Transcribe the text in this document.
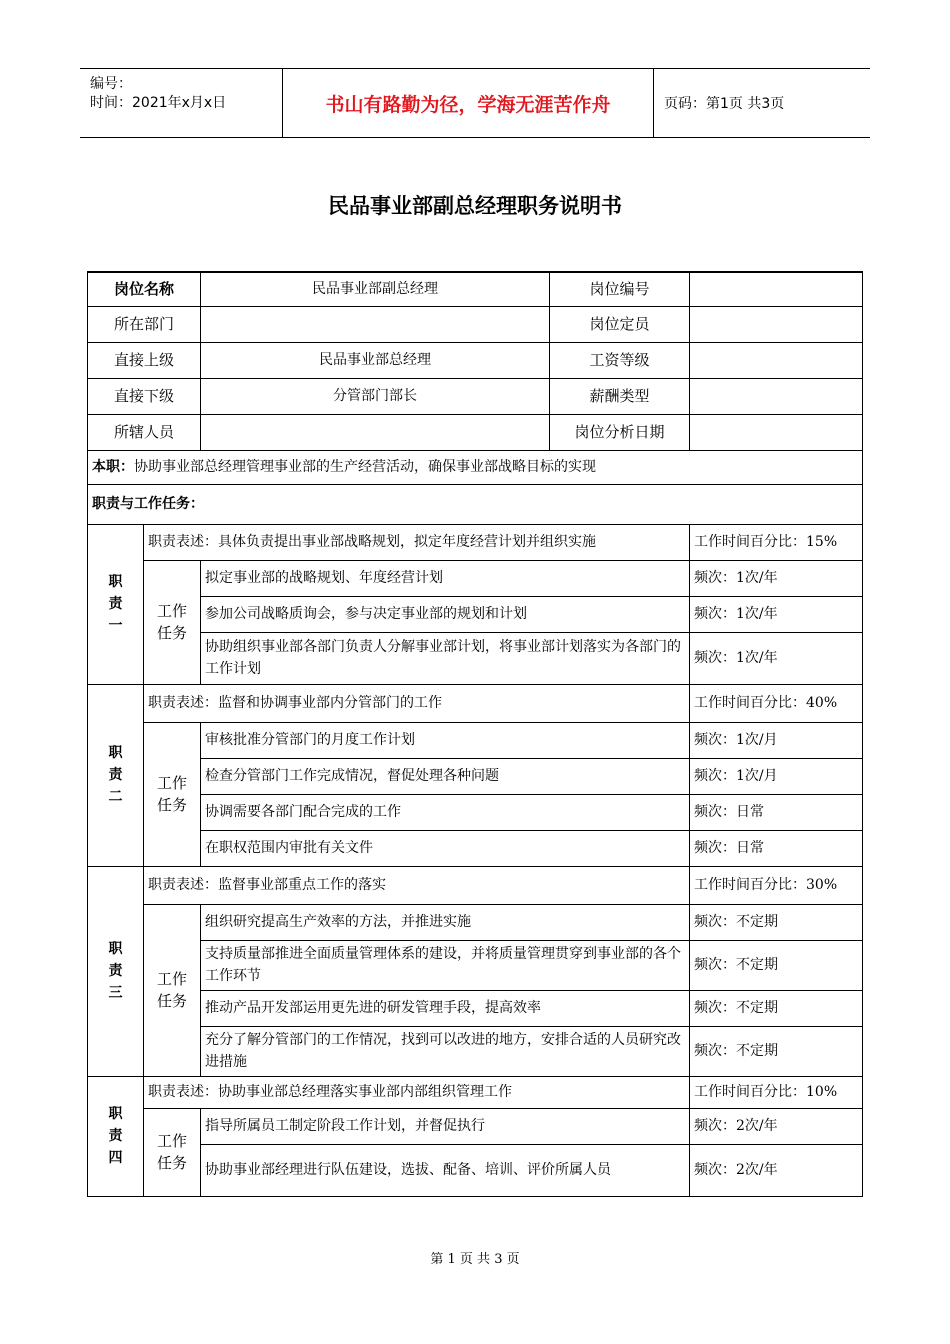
编号：
时间：2021年x月x日	书山有路勤为径，学海无涯苦作舟	页码：第1页 共3页
民品事业部副总经理职务说明书
岗位名称		民品事业部副总经理	岗位编号	
所在部门			岗位定员	
直接上级		民品事业部总经理	工资等级	
直接下级		分管部门部长	薪酬类型	
所辖人员			岗位分析日期	
本职：协助事业部总经理管理事业部的生产经营活动，确保事业部战略目标的实现				
职责与工作任务：				

职
责
一	职责表述：具体负责提出事业部战略规划，拟定年度经营计划并组织实施			工作时间百分比：15%

	工作
任务	拟定事业部的战略规划、年度经营计划		频次：1次/年
		参加公司战略质询会，参与决定事业部的规划和计划		频次：1次/年
		协助组织事业部各部门负责人分解事业部计划，将事业部计划落实为各部门的工作计划		频次：1次/年

职
责
二	职责表述：监督和协调事业部内分管部门的工作			工作时间百分比：40%

	工作
任务	审核批准分管部门的月度工作计划		频次：1次/月
		检查分管部门工作完成情况，督促处理各种问题		频次：1次/月
		协调需要各部门配合完成的工作		频次：日常
		在职权范围内审批有关文件		频次：日常

职
责
三	职责表述：监督事业部重点工作的落实			工作时间百分比：30%

	工作
任务	组织研究提高生产效率的方法，并推进实施		频次：不定期
		支持质量部推进全面质量管理体系的建设，并将质量管理贯穿到事业部的各个工作环节		频次：不定期
		推动产品开发部运用更先进的研发管理手段，提高效率		频次：不定期
		充分了解分管部门的工作情况，找到可以改进的地方，安排合适的人员研究改进措施		频次：不定期

职
责
四	职责表述：协助事业部总经理落实事业部内部组织管理工作			工作时间百分比：10%

	工作
任务	指导所属员工制定阶段工作计划，并督促执行		频次：2次/年
		协助事业部经理进行队伍建设，选拔、配备、培训、评价所属人员		频次：2次/年
第 1 页 共 3 页
